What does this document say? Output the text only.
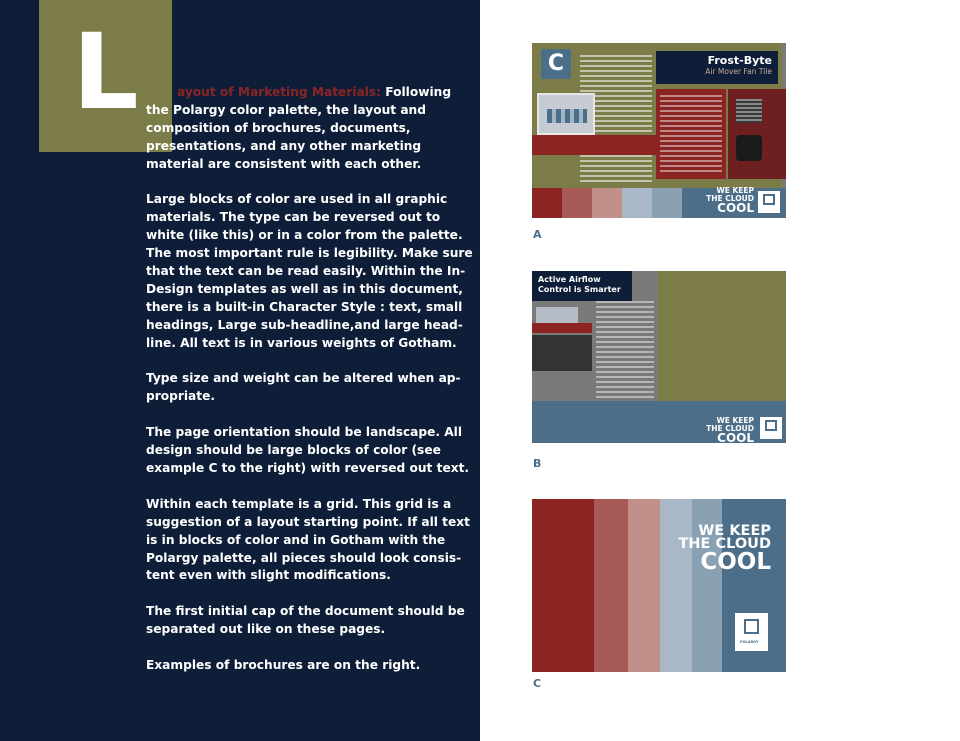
L	ayout of Marketing Materials: Following the Polargy color palette, the layout and composition of brochures, documents, presentations, and any other marketing material are consistent with each other.

Large blocks of color are used in all graphic materials. The type can be reversed out to white (like this) or in a color from the palette. The most important rule is legibility. Make sure that the text can be read easily. Within the In-Design templates as well as in this document, there is a built-in Character Style : text, small headings, Large sub-headline,and large head-line. All text is in various weights of Gotham.

Type size and weight can be altered when ap-propriate.

The page orientation should be landscape. All design should be large blocks of color (see example C to the right) with reversed out text.

Within each template is a grid. This grid is a suggestion of a layout starting point. If all text is in blocks of color and in Gotham with the Polargy palette, all pieces should look consis-tent even with slight modifications.

The first initial cap of the document should be separated out like on these pages.

Examples of brochures are on the right.

C	Frost-Byte
Air Mover Fan Tile
WE KEEP
THE CLOUD
COOL
A
Active Airflow
Control is Smarter
WE KEEP
THE CLOUD
COOL
B
WE KEEP
THE CLOUD
COOL
POLARGY
C
